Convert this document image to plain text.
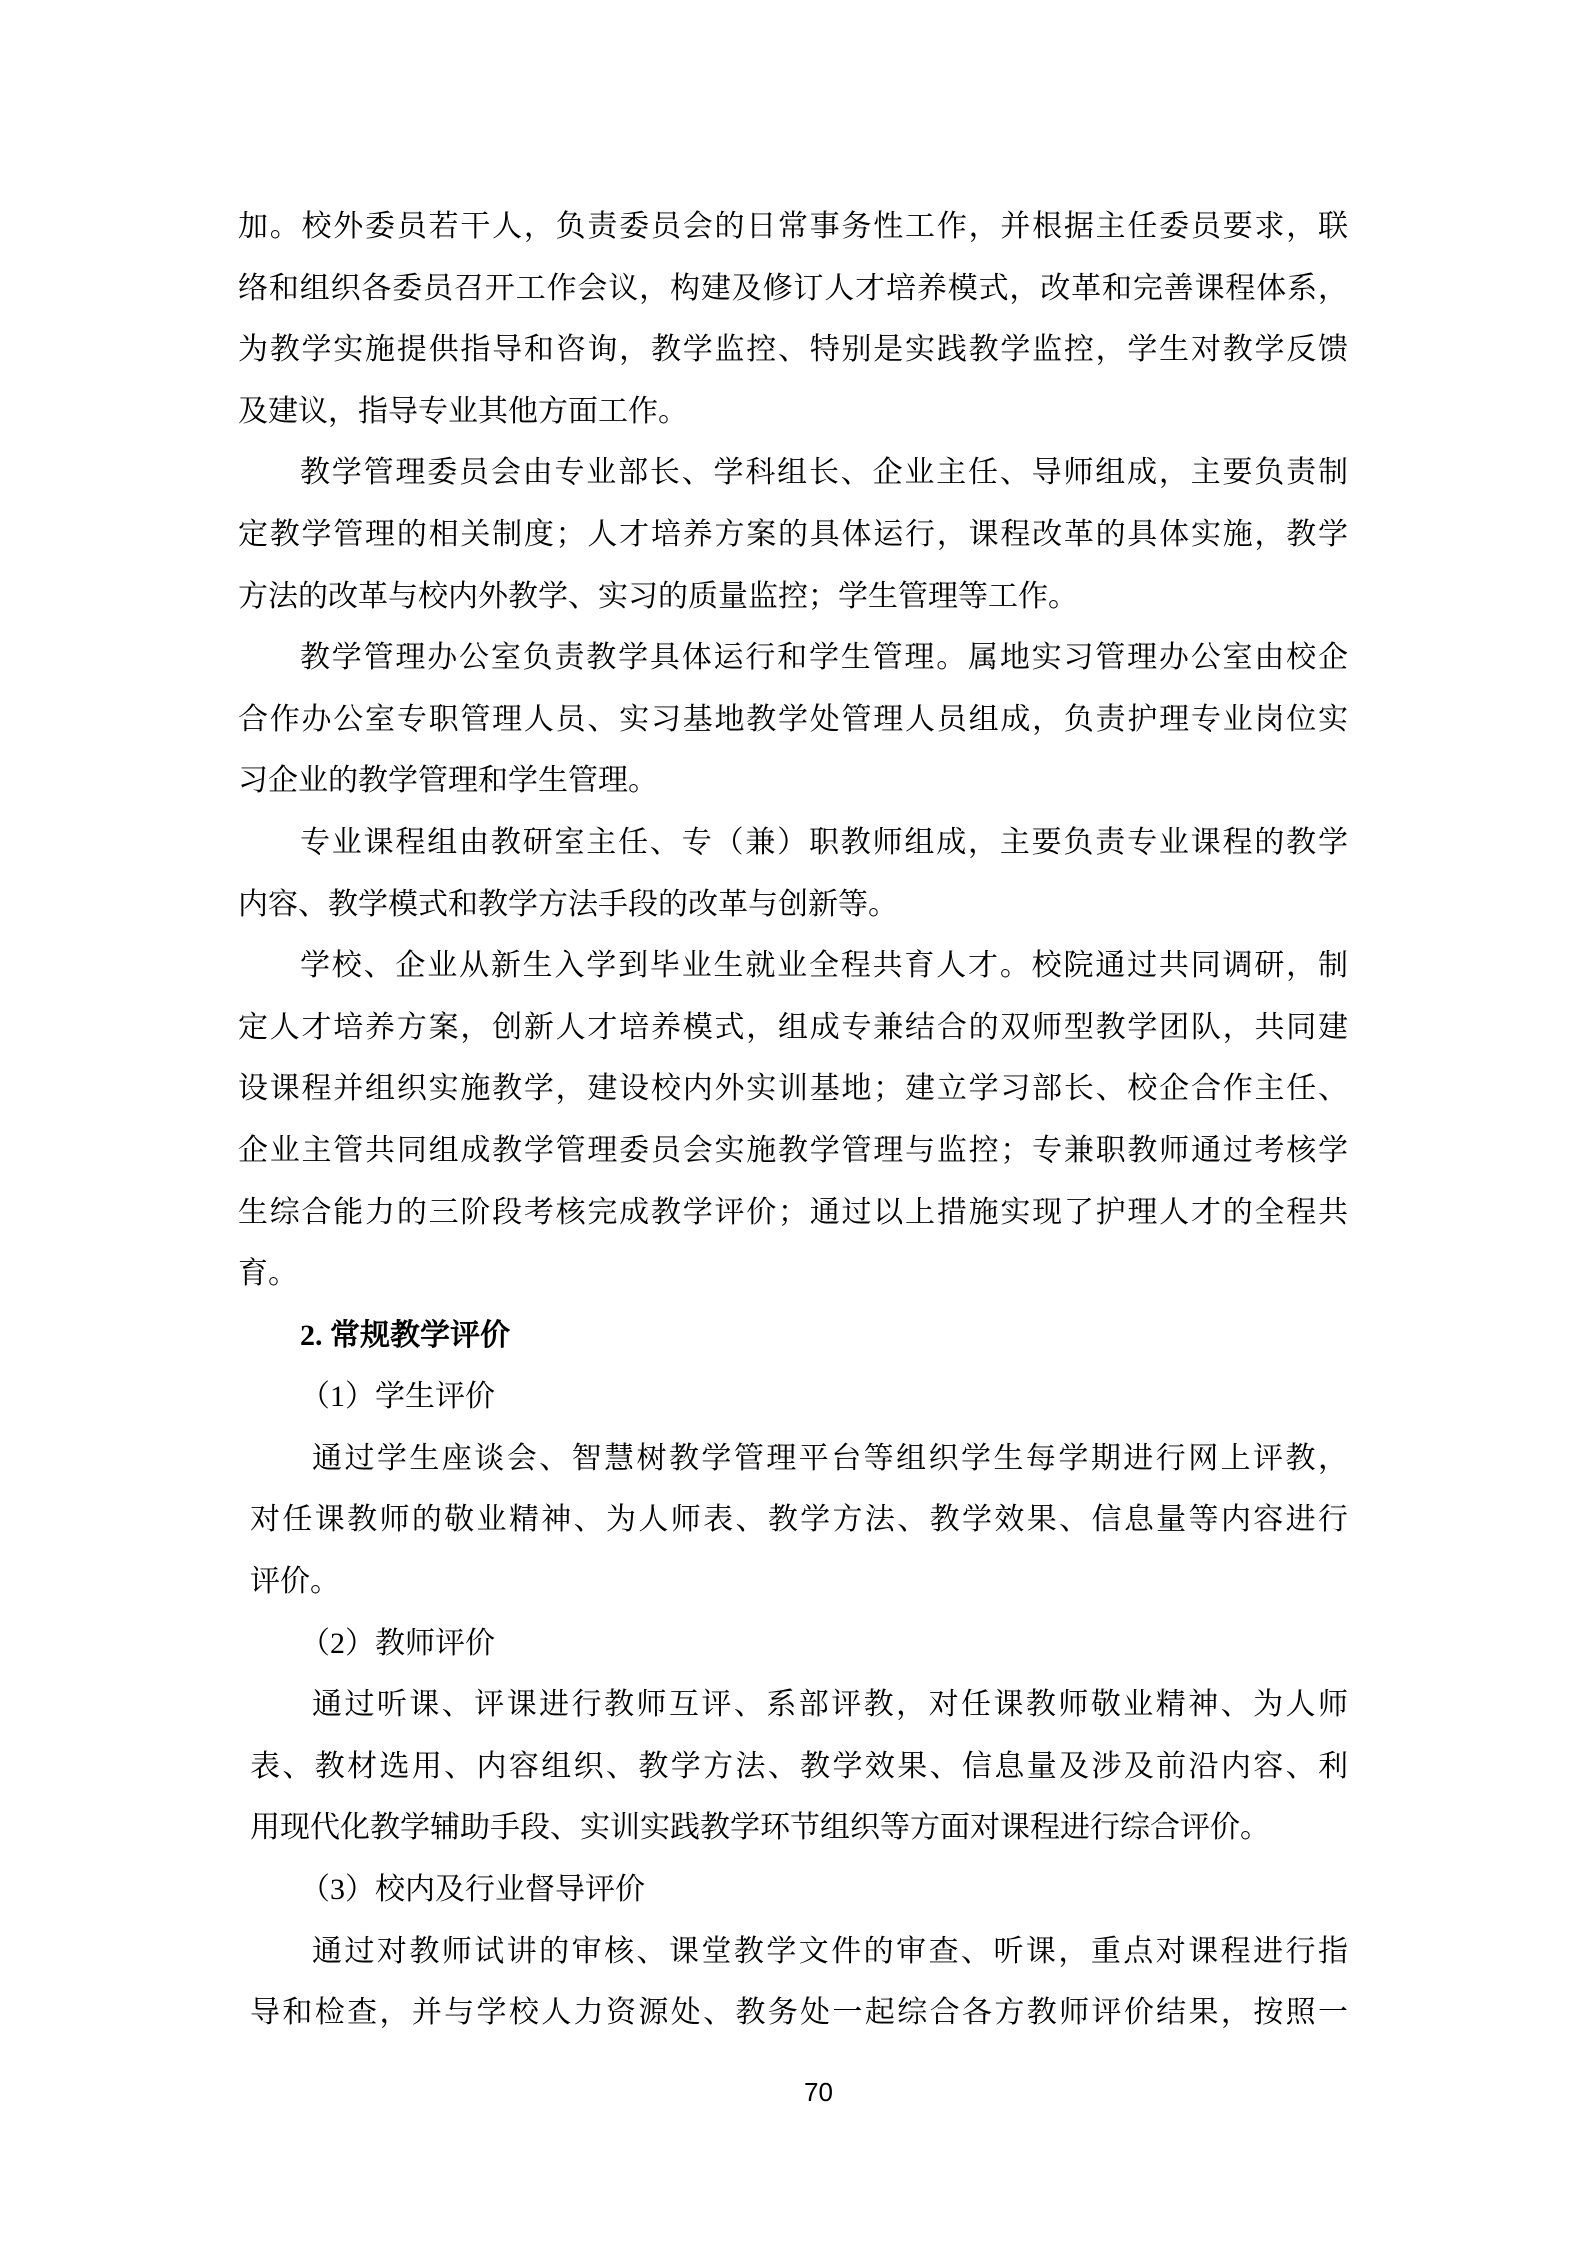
加。校外委员若干人，负责委员会的日常事务性工作，并根据主任委员要求，联
络和组织各委员召开工作会议，构建及修订人才培养模式，改革和完善课程体系，
为教学实施提供指导和咨询，教学监控、特别是实践教学监控，学生对教学反馈
及建议，指导专业其他方面工作。
教学管理委员会由专业部长、学科组长、企业主任、导师组成，主要负责制
定教学管理的相关制度；人才培养方案的具体运行，课程改革的具体实施，教学
方法的改革与校内外教学、实习的质量监控；学生管理等工作。
教学管理办公室负责教学具体运行和学生管理。属地实习管理办公室由校企
合作办公室专职管理人员、实习基地教学处管理人员组成，负责护理专业岗位实
习企业的教学管理和学生管理。
专业课程组由教研室主任、专（兼）职教师组成，主要负责专业课程的教学
内容、教学模式和教学方法手段的改革与创新等。
学校、企业从新生入学到毕业生就业全程共育人才。校院通过共同调研，制
定人才培养方案，创新人才培养模式，组成专兼结合的双师型教学团队，共同建
设课程并组织实施教学，建设校内外实训基地；建立学习部长、校企合作主任、
企业主管共同组成教学管理委员会实施教学管理与监控；专兼职教师通过考核学
生综合能力的三阶段考核完成教学评价；通过以上措施实现了护理人才的全程共
育。
2. 常规教学评价
（1）学生评价
通过学生座谈会、智慧树教学管理平台等组织学生每学期进行网上评教，
对任课教师的敬业精神、为人师表、教学方法、教学效果、信息量等内容进行
评价。
（2）教师评价
通过听课、评课进行教师互评、系部评教，对任课教师敬业精神、为人师
表、教材选用、内容组织、教学方法、教学效果、信息量及涉及前沿内容、利
用现代化教学辅助手段、实训实践教学环节组织等方面对课程进行综合评价。
（3）校内及行业督导评价
通过对教师试讲的审核、课堂教学文件的审查、听课，重点对课程进行指
导和检查，并与学校人力资源处、教务处一起综合各方教师评价结果，按照一
70
